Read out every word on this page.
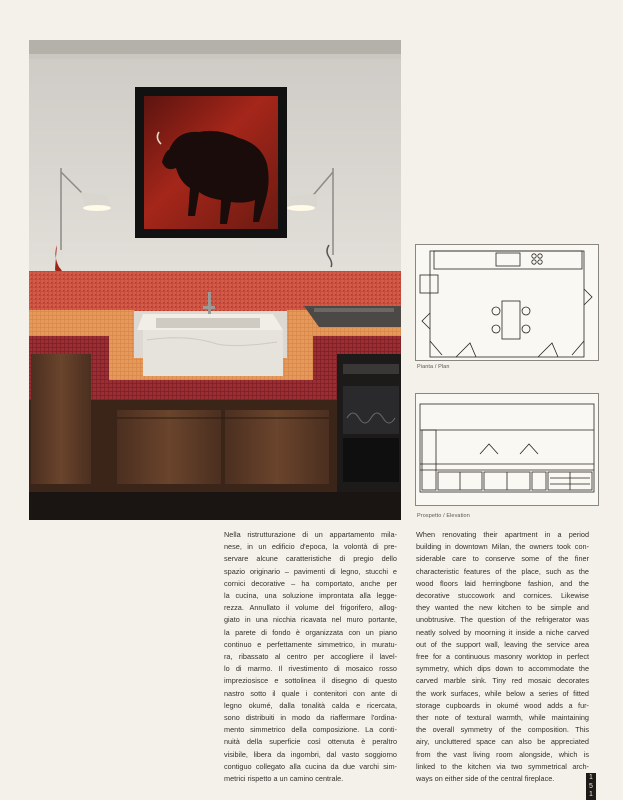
Pianta / Plan
Prospetto / Elevation
Nella ristrutturazione di un appartamento mila-
nese, in un edificio d'epoca, la volontà di pre-
servare alcune caratteristiche di pregio dello
spazio originario – pavimenti di legno, stucchi e
cornici decorative – ha comportato, anche per
la cucina, una soluzione improntata alla legge-
rezza. Annullato il volume del frigorifero, allog-
giato in una nicchia ricavata nel muro portante,
la parete di fondo è organizzata con un piano
continuo e perfettamente simmetrico, in muratu-
ra, ribassato al centro per accogliere il lavel-
lo di marmo. Il rivestimento di mosaico rosso
impreziosisce e sottolinea il disegno di questo
nastro sotto il quale i contenitori con ante di
legno okumé, dalla tonalità calda e ricercata,
sono distribuiti in modo da riaffermare l'ordina-
mento simmetrico della composizione. La conti-
nuità della superficie così ottenuta è peraltro
visibile, libera da ingombri, dal vasto soggiorno
contiguo collegato alla cucina da due varchi sim-
metrici rispetto a un camino centrale.
When renovating their apartment in a period
building in downtown Milan, the owners took con-
siderable care to conserve some of the finer
characteristic features of the place, such as the
wood floors laid herringbone fashion, and the
decorative stuccowork and cornices. Likewise
they wanted the new kitchen to be simple and
unobtrusive. The question of the refrigerator was
neatly solved by moorning it inside a niche carved
out of the support wall, leaving the service area
free for a continuous masonry worktop in perfect
symmetry, which dips down to accommodate the
carved marble sink. Tiny red mosaic decorates
the work surfaces, while below a series of fitted
storage cupboards in okumé wood adds a fur-
ther note of textural warmth, while maintaining
the overall symmetry of the composition. This
airy, uncluttered space can also be appreciated
from the vast living room alongside, which is
linked to the kitchen via two symmetrical arch-
ways on either side of the central fireplace.	1
5
1
